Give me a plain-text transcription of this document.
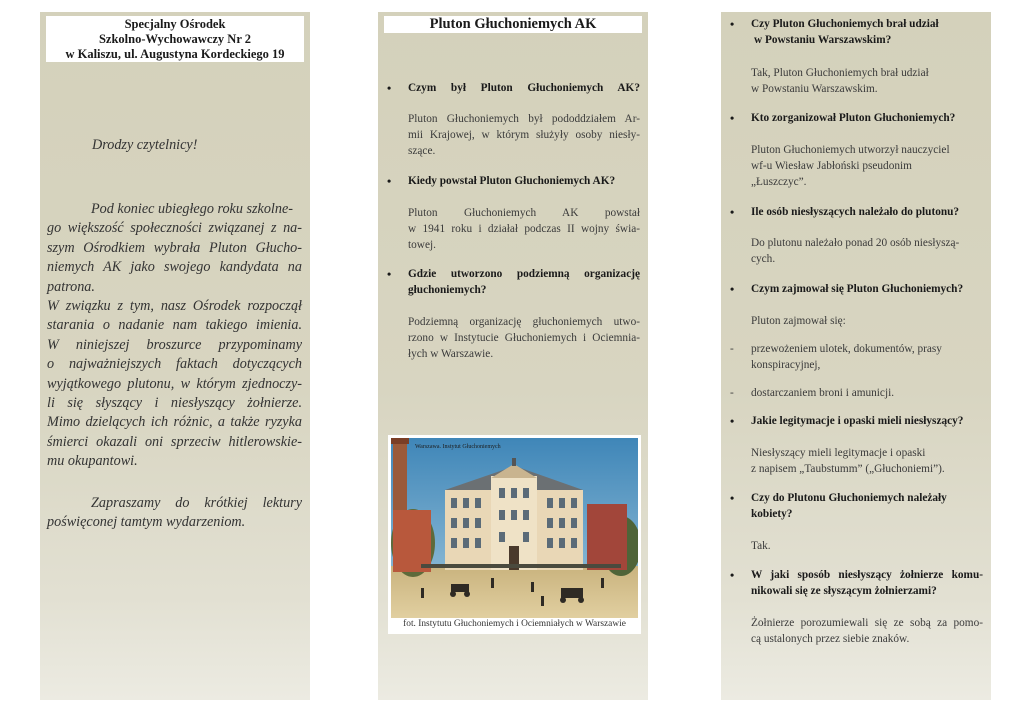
Specjalny Ośrodek
Szkolno-Wychowawczy Nr 2
w Kaliszu, ul. Augustyna Kordeckiego 19
Drodzy czytelnicy!
Pod koniec ubiegłego roku szkolne-
go większość społeczności związanej z na-
szym Ośrodkiem wybrała Pluton Głucho-
niemych AK jako swojego kandydata na
patrona.
W związku z tym, nasz Ośrodek rozpoczął
starania o nadanie nam takiego imienia.
W niniejszej broszurce przypominamy
o najważniejszych faktach dotyczących
wyjątkowego plutonu, w którym zjednoczy-
li się słyszący i niesłyszący żołnierze.
Mimo dzielących ich różnic, a także ryzyka
śmierci okazali oni sprzeciw hitlerowskie-
mu okupantowi.
Zapraszamy do krótkiej lektury
poświęconej tamtym wydarzeniom.
Pluton Głuchoniemych AK
• Czym był Pluton Głuchoniemych AK?
Pluton Głuchoniemych był pododdziałem Ar-
mii Krajowej, w którym służyły osoby niesły-
szące.
• Kiedy powstał Pluton Głuchoniemych AK?
Pluton Głuchoniemych AK powstał
w 1941 roku i działał podczas II wojny świa-
towej.
• Gdzie utworzono podziemną organizację
głuchoniemych?
Podziemną organizację głuchoniemych utwo-
rzono w Instytucie Głuchoniemych i Ociemnia-
łych w Warszawie.
Warszawa. Instytut Głuchoniemych
fot. Instytutu Głuchoniemych i Ociemniałych w Warszawie
• Czy Pluton Głuchoniemych brał udział
w Powstaniu Warszawskim?
Tak, Pluton Głuchoniemych brał udział
w Powstaniu Warszawskim.
• Kto zorganizował Pluton Głuchoniemych?
Pluton Głuchoniemych utworzył nauczyciel
wf-u Wiesław Jabłoński pseudonim
„Łuszczyc”.
• Ile osób niesłyszących należało do plutonu?
Do plutonu należało ponad 20 osób niesłyszą-
cych.
• Czym zajmował się Pluton Głuchoniemych?
Pluton zajmował się:
- przewożeniem ulotek, dokumentów, prasy
konspiracyjnej,
- dostarczaniem broni i amunicji.
• Jakie legitymacje i opaski mieli niesłyszący?
Niesłyszący mieli legitymacje i opaski
z napisem „Taubstumm” („Głuchoniemi”).
• Czy do Plutonu Głuchoniemych należały
kobiety?
Tak.
• W jaki sposób niesłyszący żołnierze komu-
nikowali się ze słyszącym żołnierzami?
Żołnierze porozumiewali się ze sobą za pomo-
cą ustalonych przez siebie znaków.
